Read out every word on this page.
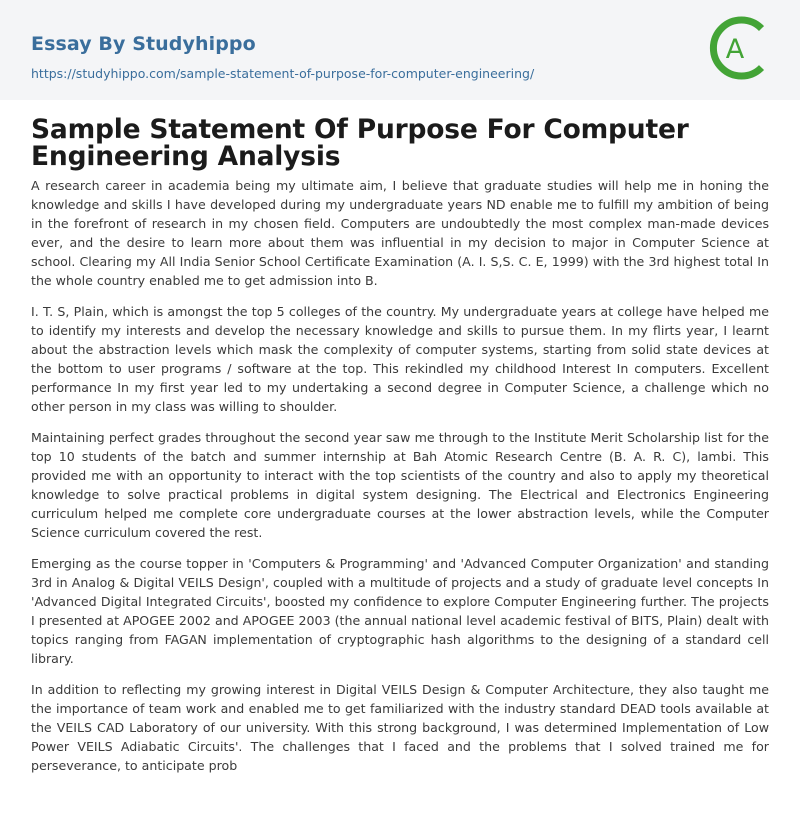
Essay By Studyhippo
https://studyhippo.com/sample-statement-of-purpose-for-computer-engineering/
A
Sample Statement Of Purpose For Computer Engineering Analysis

A research career in academia being my ultimate aim, I believe that graduate studies will help me in honing the knowledge and skills I have developed during my undergraduate years ND enable me to fulfill my ambition of being in the forefront of research in my chosen field. Computers are undoubtedly the most complex man-made devices ever, and the desire to learn more about them was influential in my decision to major in Computer Science at school. Clearing my All India Senior School Certificate Examination (A. I. S,S. C. E, 1999) with the 3rd highest total In the whole country enabled me to get admission into B.

I. T. S, Plain, which is amongst the top 5 colleges of the country. My undergraduate years at college have helped me to identify my interests and develop the necessary knowledge and skills to pursue them. In my flirts year, I learnt about the abstraction levels which mask the complexity of computer systems, starting from solid state devices at the bottom to user programs / software at the top. This rekindled my childhood Interest In computers. Excellent performance In my first year led to my undertaking a second degree in Computer Science, a challenge which no other person in my class was willing to shoulder.

Maintaining perfect grades throughout the second year saw me through to the Institute Merit Scholarship list for the top 10 students of the batch and summer internship at Bah Atomic Research Centre (B. A. R. C), lambi. This provided me with an opportunity to interact with the top scientists of the country and also to apply my theoretical knowledge to solve practical problems in digital system designing. The Electrical and Electronics Engineering curriculum helped me complete core undergraduate courses at the lower abstraction levels, while the Computer Science curriculum covered the rest.

Emerging as the course topper in 'Computers & Programming' and 'Advanced Computer Organization' and standing 3rd in Analog & Digital VEILS Design', coupled with a multitude of projects and a study of graduate level concepts In 'Advanced Digital Integrated Circuits', boosted my confidence to explore Computer Engineering further. The projects I presented at APOGEE 2002 and APOGEE 2003 (the annual national level academic festival of BITS, Plain) dealt with topics ranging from FAGAN implementation of cryptographic hash algorithms to the designing of a standard cell library.

In addition to reflecting my growing interest in Digital VEILS Design & Computer Architecture, they also taught me the importance of team work and enabled me to get familiarized with the industry standard DEAD tools available at the VEILS CAD Laboratory of our university. With this strong background, I was determined Implementation of Low Power VEILS Adiabatic Circuits'. The challenges that I faced and the problems that I solved trained me for perseverance, to anticipate prob
